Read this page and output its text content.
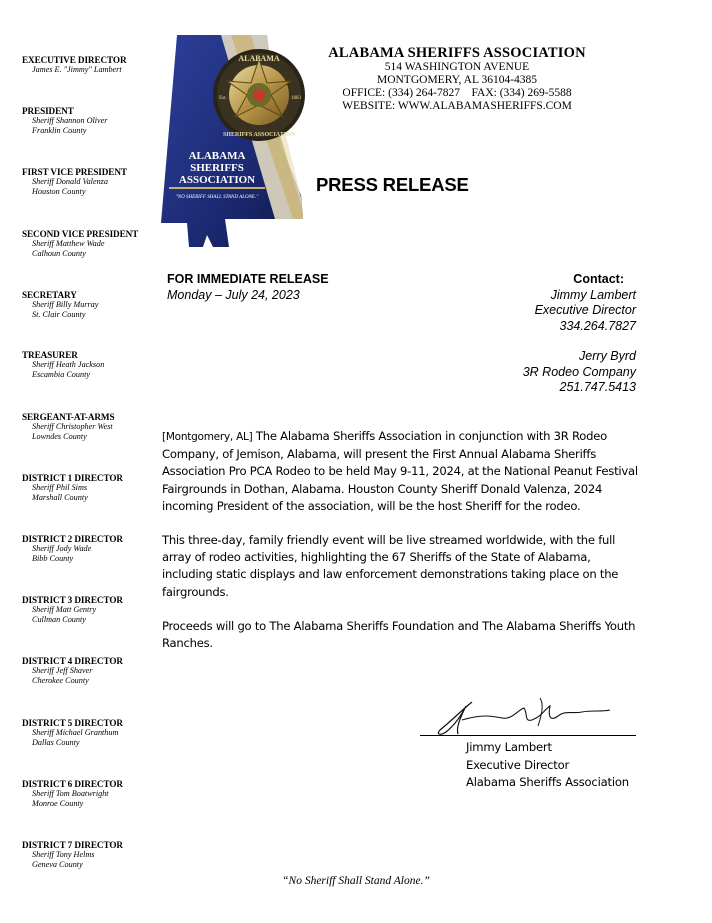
EXECUTIVE DIRECTOR
James E. "Jimmy" Lambert
PRESIDENT
Sheriff Shannon Oliver
Franklin County
FIRST VICE PRESIDENT
Sheriff Donald Valenza
Houston County
SECOND VICE PRESIDENT
Sheriff Matthew Wade
Calhoun County
SECRETARY
Sheriff Billy Murray
St. Clair County
TREASURER
Sheriff Heath Jackson
Escambia County
SERGEANT-AT-ARMS
Sheriff Christopher West
Lowndes County
DISTRICT 1 DIRECTOR
Sheriff Phil Sims
Marshall County
DISTRICT 2 DIRECTOR
Sheriff Jody Wade
Bibb County
DISTRICT 3 DIRECTOR
Sheriff Matt Gentry
Cullman County
DISTRICT 4 DIRECTOR
Sheriff Jeff Shaver
Cherokee County
DISTRICT 5 DIRECTOR
Sheriff Michael Granthum
Dallas County
DISTRICT 6 DIRECTOR
Sheriff Tom Boatwright
Monroe County
DISTRICT 7 DIRECTOR
Sheriff Tony Helms
Geneva County
ALABAMA
SHERIFFS ASSOCIATION
Est.	1883
ALABAMA
SHERIFFS
ASSOCIATION
"NO SHERIFF SHALL STAND ALONE."
ALABAMA SHERIFFS ASSOCIATION
514 WASHINGTON AVENUE
MONTGOMERY, AL 36104-4385
OFFICE: (334) 264-7827    FAX: (334) 269-5588
WEBSITE: WWW.ALABAMASHERIFFS.COM
PRESS RELEASE
FOR IMMEDIATE RELEASE
Monday – July 24, 2023
Contact:
Jimmy Lambert
Executive Director
334.264.7827
Jerry Byrd
3R Rodeo Company
251.747.5413

[Montgomery, AL] The Alabama Sheriffs Association in conjunction with 3R Rodeo Company, of Jemison, Alabama, will present the First Annual Alabama Sheriffs Association Pro PCA Rodeo to be held May 9-11, 2024, at the National Peanut Festival Fairgrounds in Dothan, Alabama. Houston County Sheriff Donald Valenza, 2024 incoming President of the association, will be the host Sheriff for the rodeo.

This three-day, family friendly event will be live streamed worldwide, with the full array of rodeo activities, highlighting the 67 Sheriffs of the State of Alabama, including static displays and law enforcement demonstrations taking place on the fairgrounds.

Proceeds will go to The Alabama Sheriffs Foundation and The Alabama Sheriffs Youth Ranches.

Jimmy Lambert
Executive Director
Alabama Sheriffs Association
“No Sheriff Shall Stand Alone.”
